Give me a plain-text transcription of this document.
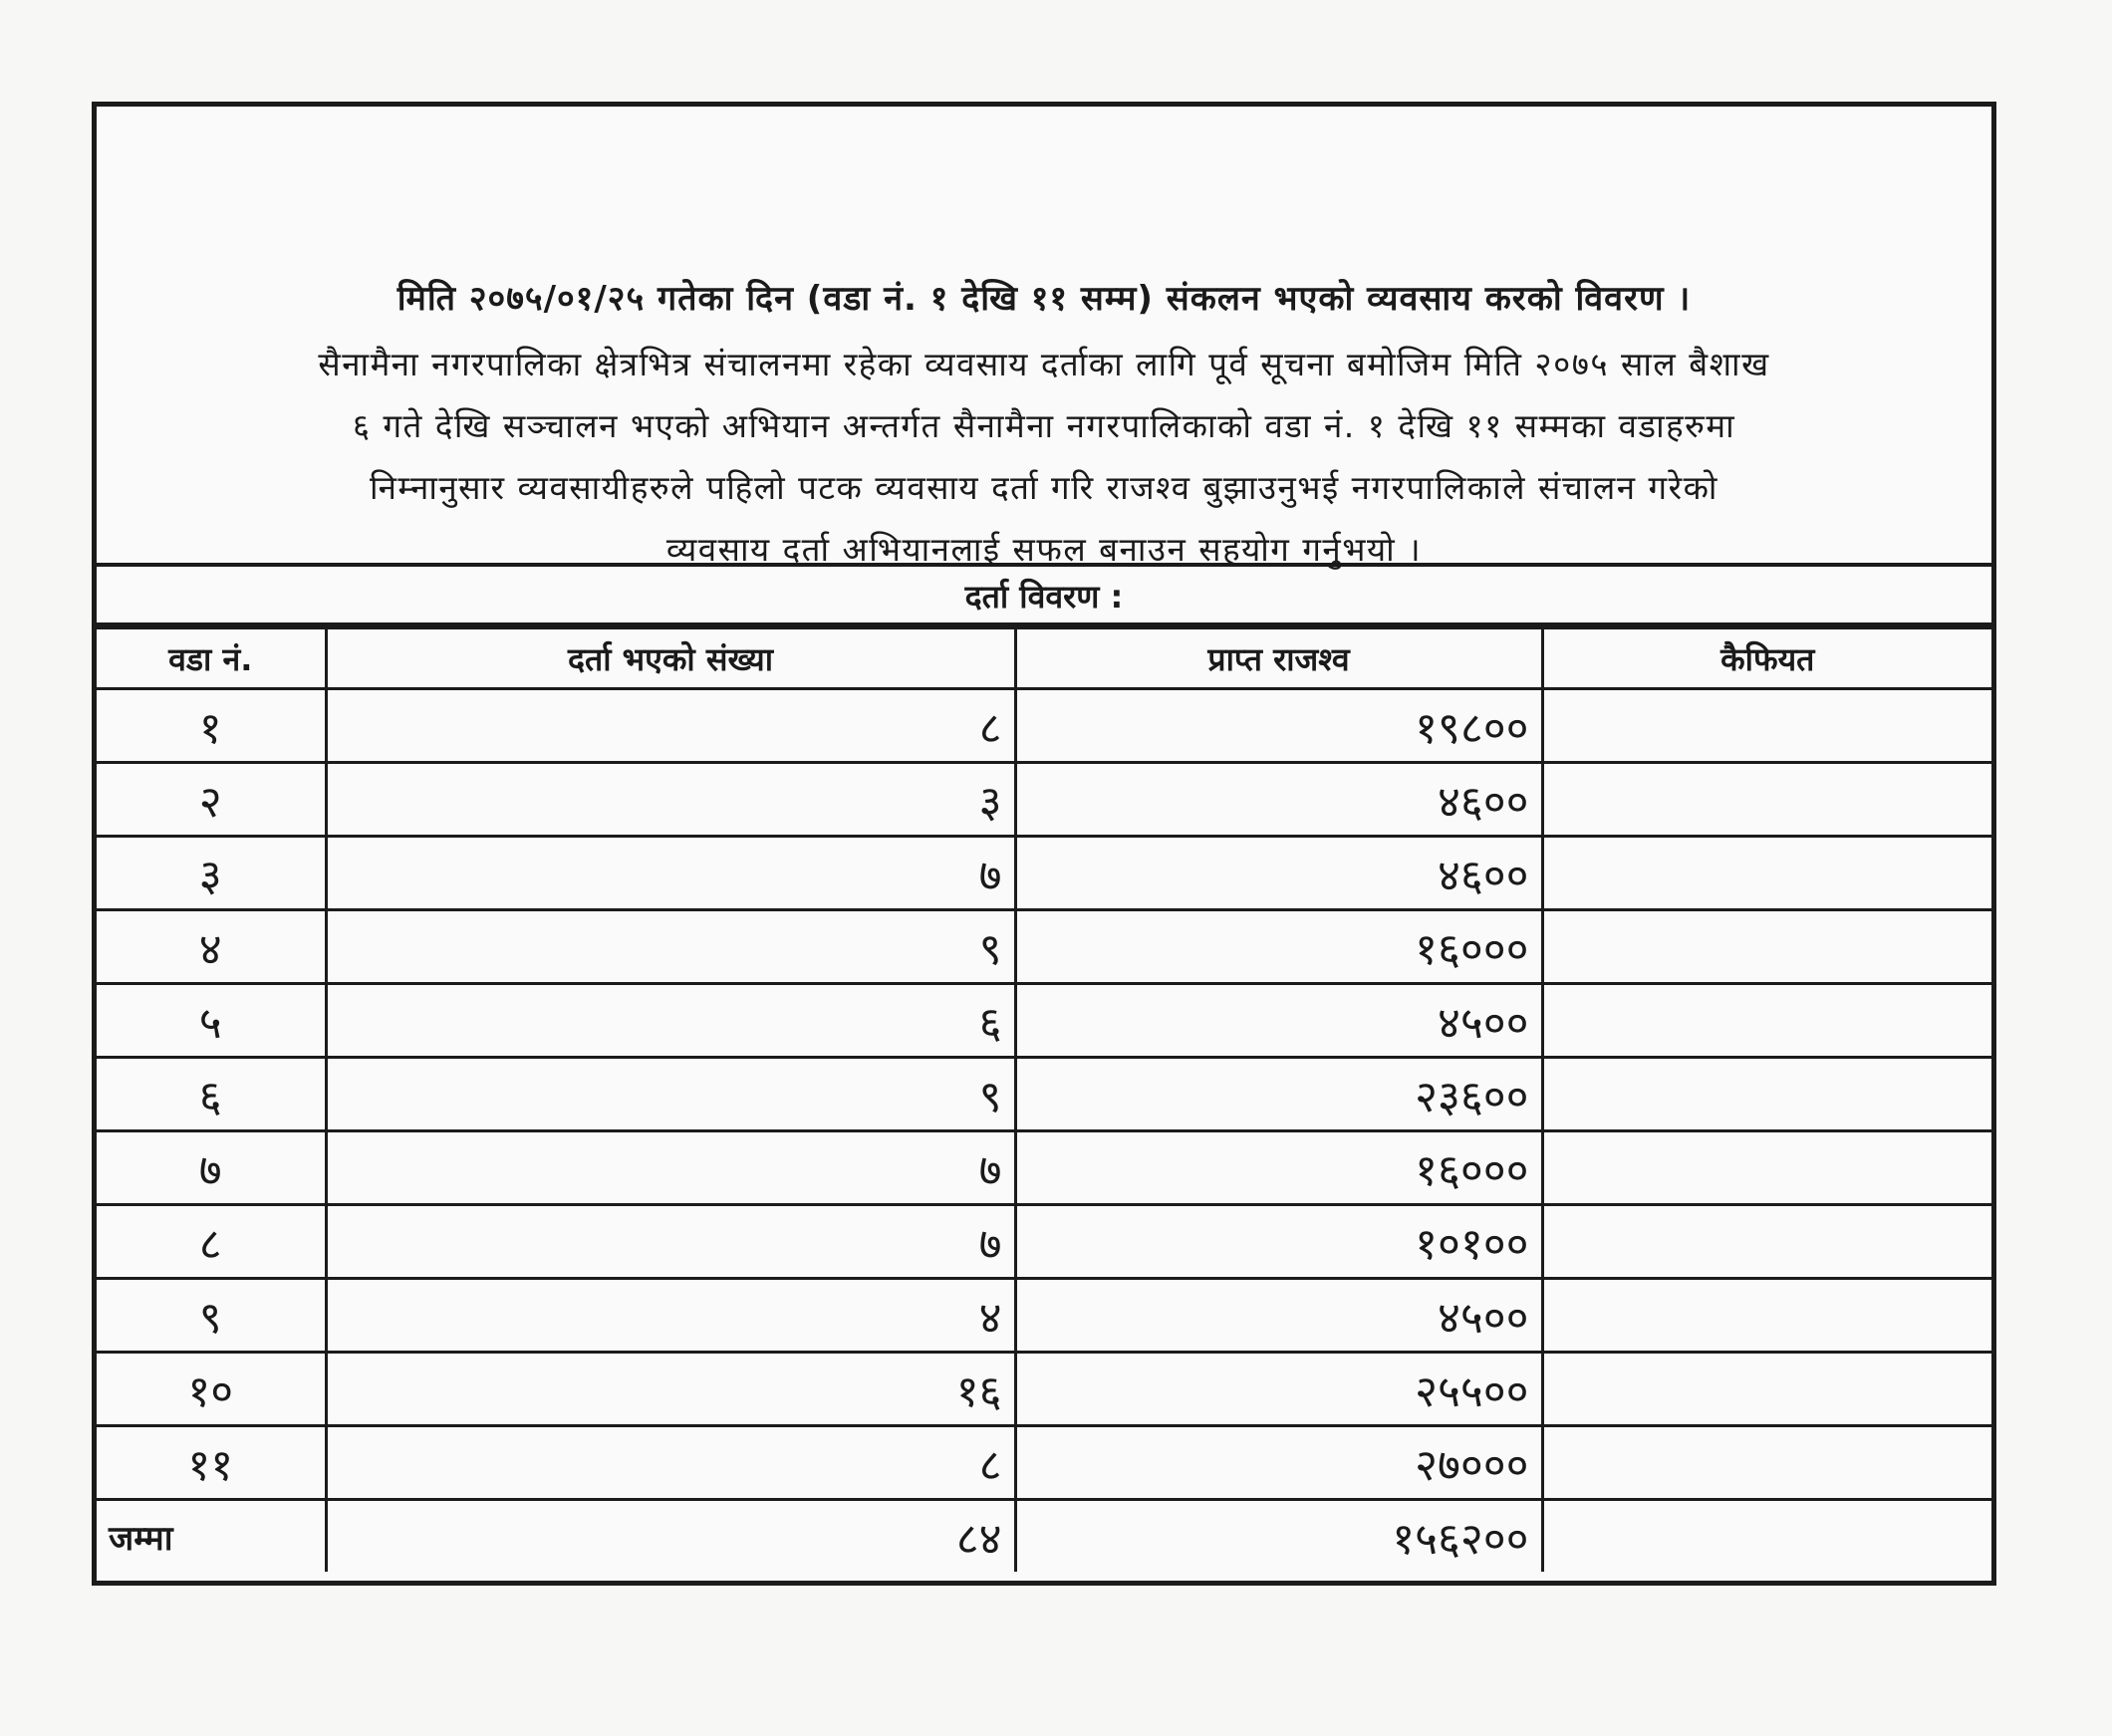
मिति २०७५/०१/२५ गतेका दिन (वडा नं. १ देखि ११ सम्म) संकलन भएको व्यवसाय करको विवरण ।
सैनामैना नगरपालिका क्षेत्रभित्र संचालनमा रहेका व्यवसाय दर्ताका लागि पूर्व सूचना बमोजिम मिति २०७५ साल बैशाख
६ गते देखि सञ्चालन भएको अभियान अन्तर्गत सैनामैना नगरपालिकाको वडा नं. १ देखि ११ सम्मका वडाहरुमा
निम्नानुसार व्यवसायीहरुले पहिलो पटक व्यवसाय दर्ता गरि राजश्व बुझाउनुभई नगरपालिकाले संचालन गरेको
व्यवसाय दर्ता अभियानलाई सफल बनाउन सहयोग गर्नुभयो ।
दर्ता विवरण :
वडा नं.	दर्ता भएको संख्या	प्राप्त राजश्व	कैफियत
१	८	१९८००	
२	३	४६००	
३	७	४६००	
४	९	१६०००	
५	६	४५००	
६	९	२३६००	
७	७	१६०००	
८	७	१०१००	
९	४	४५००	
१०	१६	२५५००	
११	८	२७०००	
जम्मा	८४	१५६२००	
